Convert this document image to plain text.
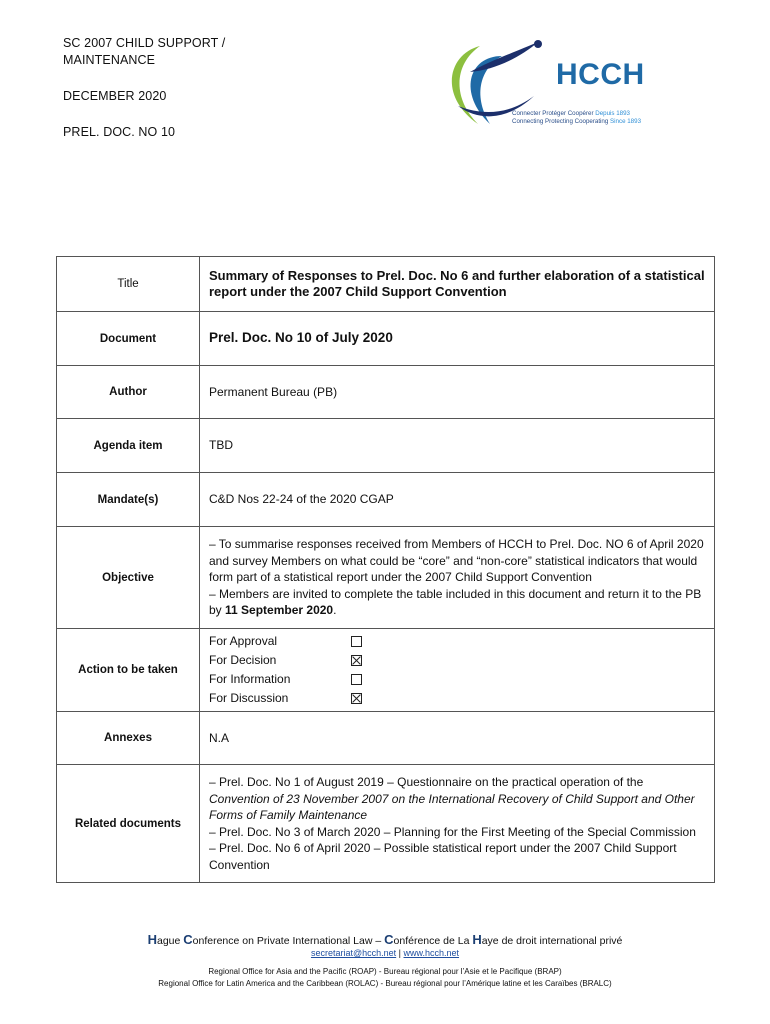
SC 2007 CHILD SUPPORT /
MAINTENANCE
DECEMBER 2020
PREL. DOC. NO 10
HCCH
Connecter Protéger Coopérer Depuis 1893
Connecting Protecting Cooperating Since 1893
Title	Summary of Responses to Prel. Doc. No 6 and further elaboration of a statistical report under the 2007 Child Support Convention
Document	Prel. Doc. No 10 of July 2020
Author	Permanent Bureau (PB)
Agenda item	TBD
Mandate(s)	C&D Nos 22-24 of the 2020 CGAP
Objective	– To summarise responses received from Members of HCCH to Prel. Doc. NO 6 of April 2020 and survey Members on what could be “core” and “non-core” statistical indicators that would form part of a statistical report under the 2007 Child Support Convention
– Members are invited to complete the table included in this document and return it to the PB by 11 September 2020.

Action to be taken	For Approval
For Decision
For Information
For Discussion

Annexes	N.A
Related documents	– Prel. Doc. No 1 of August 2019 – Questionnaire on the practical operation of the Convention of 23 November 2007 on the International Recovery of Child Support and Other Forms of Family Maintenance
– Prel. Doc. No 3 of March 2020 – Planning for the First Meeting of the Special Commission
– Prel. Doc. No 6 of April 2020 – Possible statistical report under the 2007 Child Support Convention
Hague Conference on Private International Law – Conférence de La Haye de droit international privé
secretariat@hcch.net | www.hcch.net
Regional Office for Asia and the Pacific (ROAP) - Bureau régional pour l’Asie et le Pacifique (BRAP)
Regional Office for Latin America and the Caribbean (ROLAC) - Bureau régional pour l’Amérique latine et les Caraïbes (BRALC)
